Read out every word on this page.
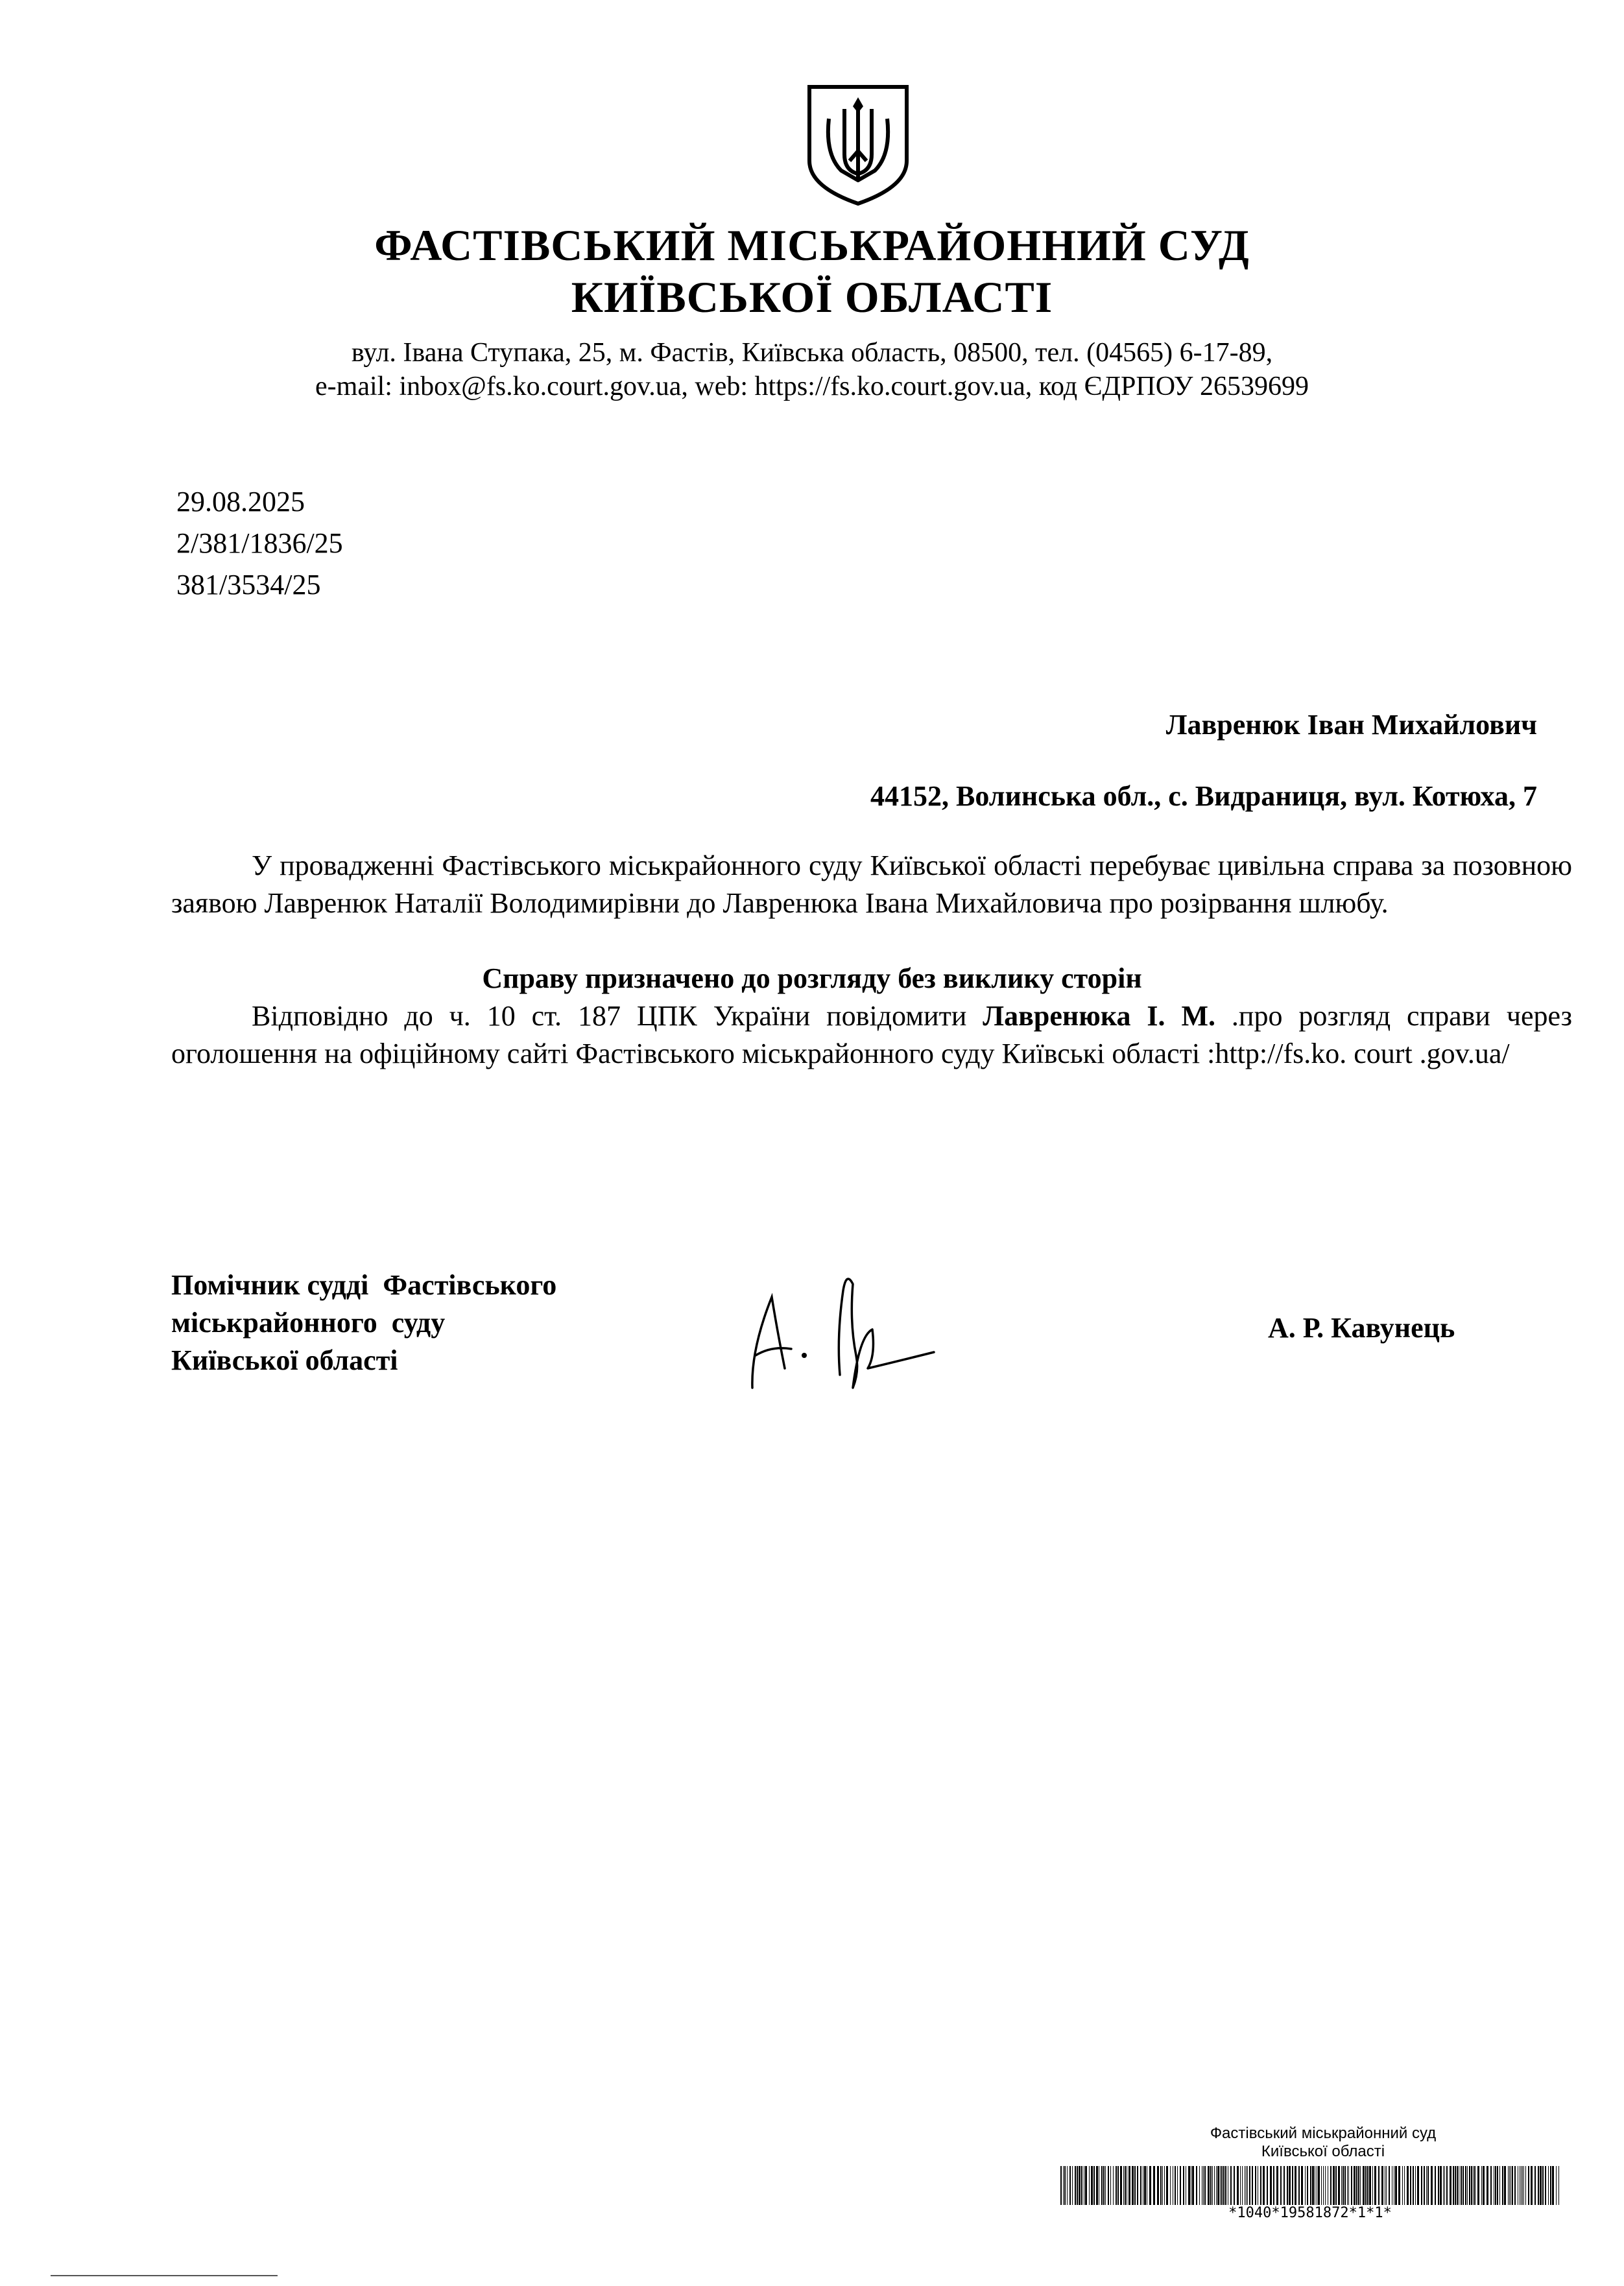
ФАСТІВСЬКИЙ МІСЬКРАЙОННИЙ СУД
КИЇВСЬКОЇ ОБЛАСТІ
вул. Івана Ступака, 25, м. Фастів, Київська область, 08500, тел. (04565) 6-17-89,
e-mail: inbox@fs.ko.court.gov.ua, web: https://fs.ko.court.gov.ua, код ЄДРПОУ 26539699
29.08.2025
2/381/1836/25
381/3534/25
Лавренюк Іван Михайлович
44152, Волинська обл., с. Видраниця, вул. Котюха, 7
У провадженні Фастівського міськрайонного суду Київської області перебуває цивільна справа за позовною заявою Лавренюк Наталії Володимирівни до Лавренюка Івана Михайловича про розірвання шлюбу.
Справу призначено до розгляду без виклику сторін
Відповідно до ч. 10 ст. 187 ЦПК України повідомити Лавренюка І. М. .про розгляд справи через оголошення на офіційному сайті Фастівського міськрайонного суду Київські області :http://fs.ko. court .gov.ua/
Помічник судді  Фастівського
міськрайонного  суду
Київської області
А. Р. Кавунець
Фастівський міськрайонний суд
Київської області
*1040*19581872*1*1*
